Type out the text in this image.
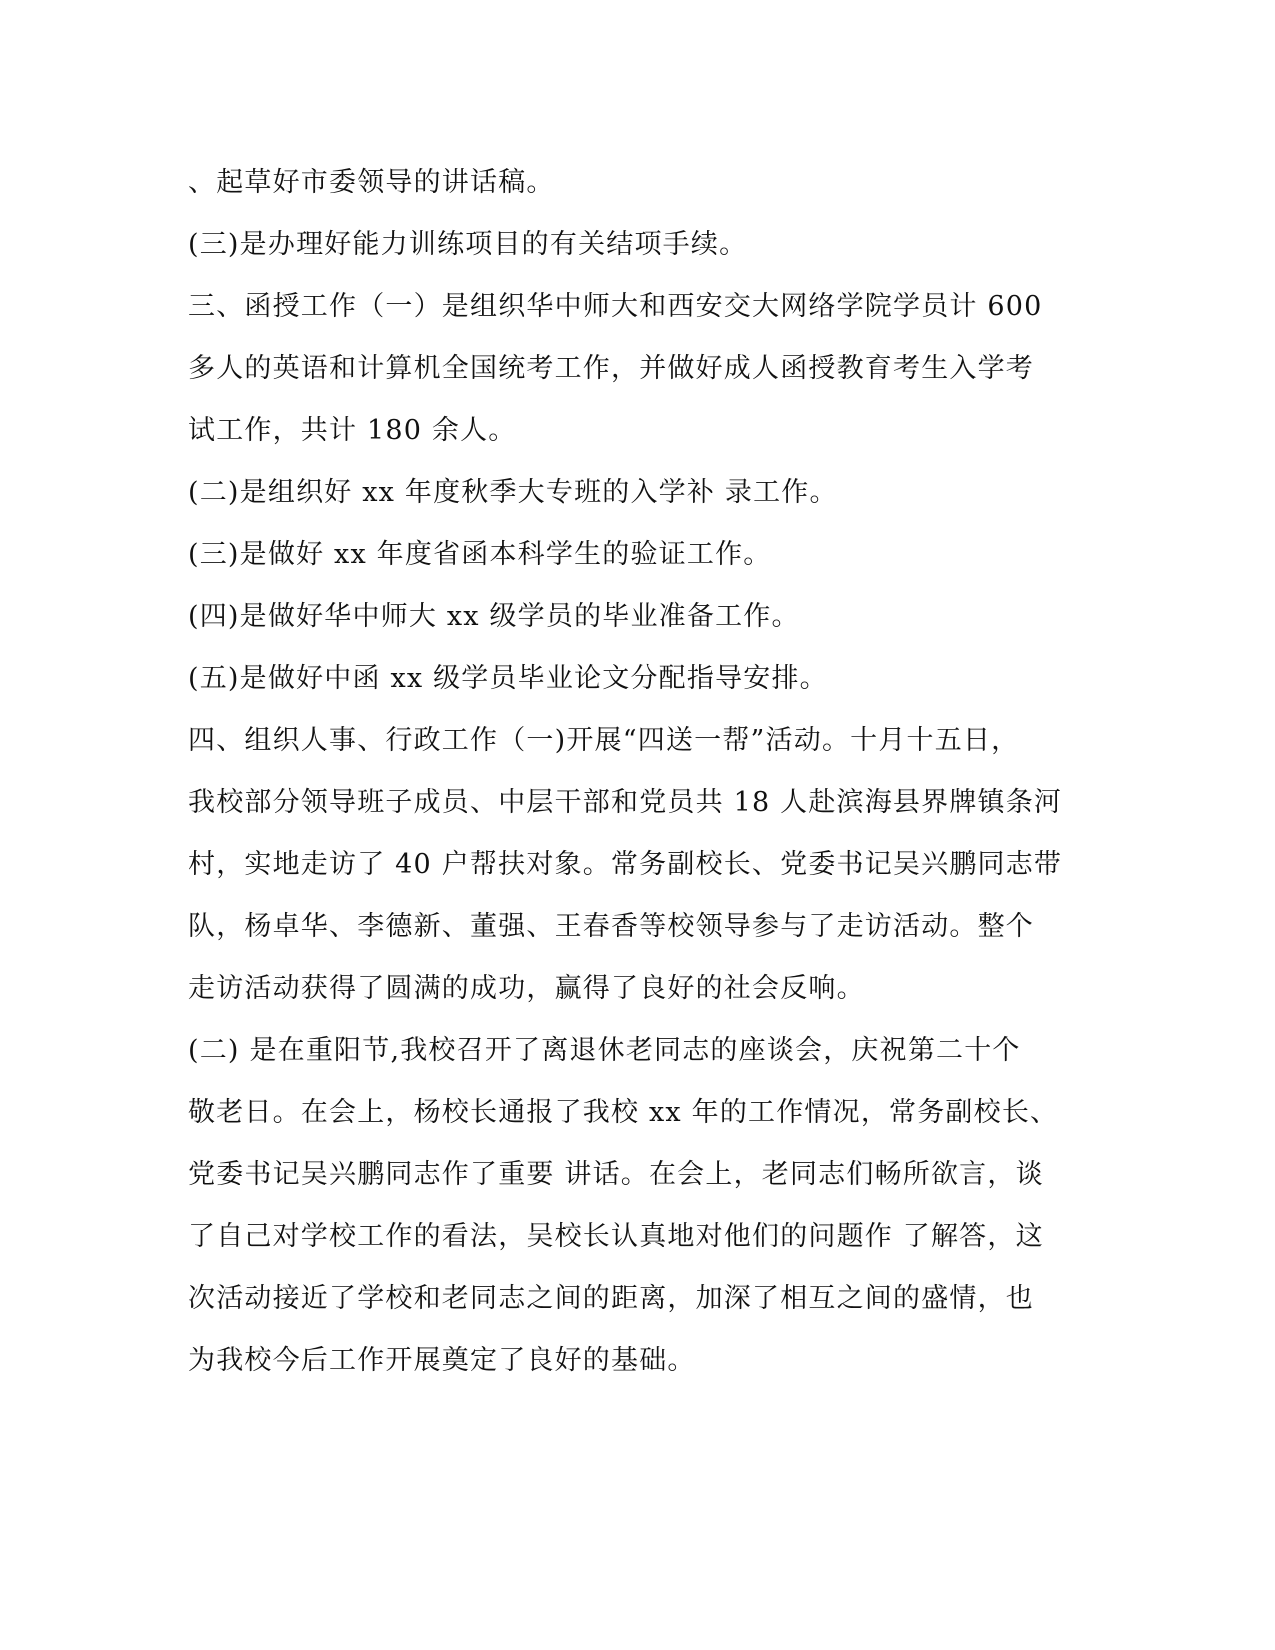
、起草好市委领导的讲话稿。
(三)是办理好能力训练项目的有关结项手续。
三、函授工作（一）是组织华中师大和西安交大网络学院学员计 600
多人的英语和计算机全国统考工作，并做好成人函授教育考生入学考
试工作，共计 180 余人。
(二)是组织好 xx 年度秋季大专班的入学补 录工作。
(三)是做好 xx 年度省函本科学生的验证工作。
(四)是做好华中师大 xx 级学员的毕业准备工作。
(五)是做好中函 xx 级学员毕业论文分配指导安排。
四、组织人事、行政工作（一)开展“四送一帮”活动。十月十五日，
我校部分领导班子成员、中层干部和党员共 18 人赴滨海县界牌镇条河
村，实地走访了 40 户帮扶对象。常务副校长、党委书记吴兴鹏同志带
队，杨卓华、李德新、董强、王春香等校领导参与了走访活动。整个
走访活动获得了圆满的成功，赢得了良好的社会反响。
(二) 是在重阳节,我校召开了离退休老同志的座谈会，庆祝第二十个
敬老日。在会上，杨校长通报了我校 xx 年的工作情况，常务副校长、
党委书记吴兴鹏同志作了重要 讲话。在会上，老同志们畅所欲言，谈
了自己对学校工作的看法，吴校长认真地对他们的问题作 了解答，这
次活动接近了学校和老同志之间的距离，加深了相互之间的盛情，也
为我校今后工作开展奠定了良好的基础。
